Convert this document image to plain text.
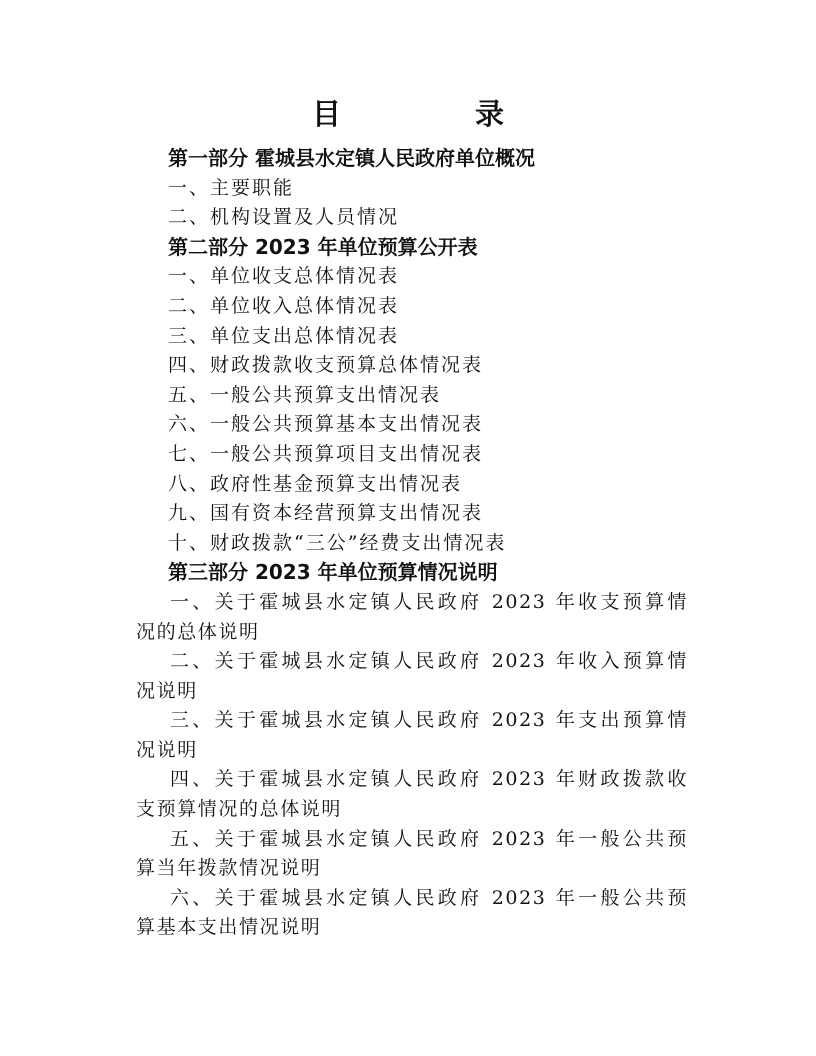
目 录
第一部分 霍城县水定镇人民政府单位概况
一、主要职能
二、机构设置及人员情况
第二部分 2023 年单位预算公开表
一、单位收支总体情况表
二、单位收入总体情况表
三、单位支出总体情况表
四、财政拨款收支预算总体情况表
五、一般公共预算支出情况表
六、一般公共预算基本支出情况表
七、一般公共预算项目支出情况表
八、政府性基金预算支出情况表
九、国有资本经营预算支出情况表
十、财政拨款“三公”经费支出情况表
第三部分 2023 年单位预算情况说明
一、关于霍城县水定镇人民政府 2023 年收支预算情
况的总体说明
二、关于霍城县水定镇人民政府 2023 年收入预算情
况说明
三、关于霍城县水定镇人民政府 2023 年支出预算情
况说明
四、关于霍城县水定镇人民政府 2023 年财政拨款收
支预算情况的总体说明
五、关于霍城县水定镇人民政府 2023 年一般公共预
算当年拨款情况说明
六、关于霍城县水定镇人民政府 2023 年一般公共预
算基本支出情况说明
